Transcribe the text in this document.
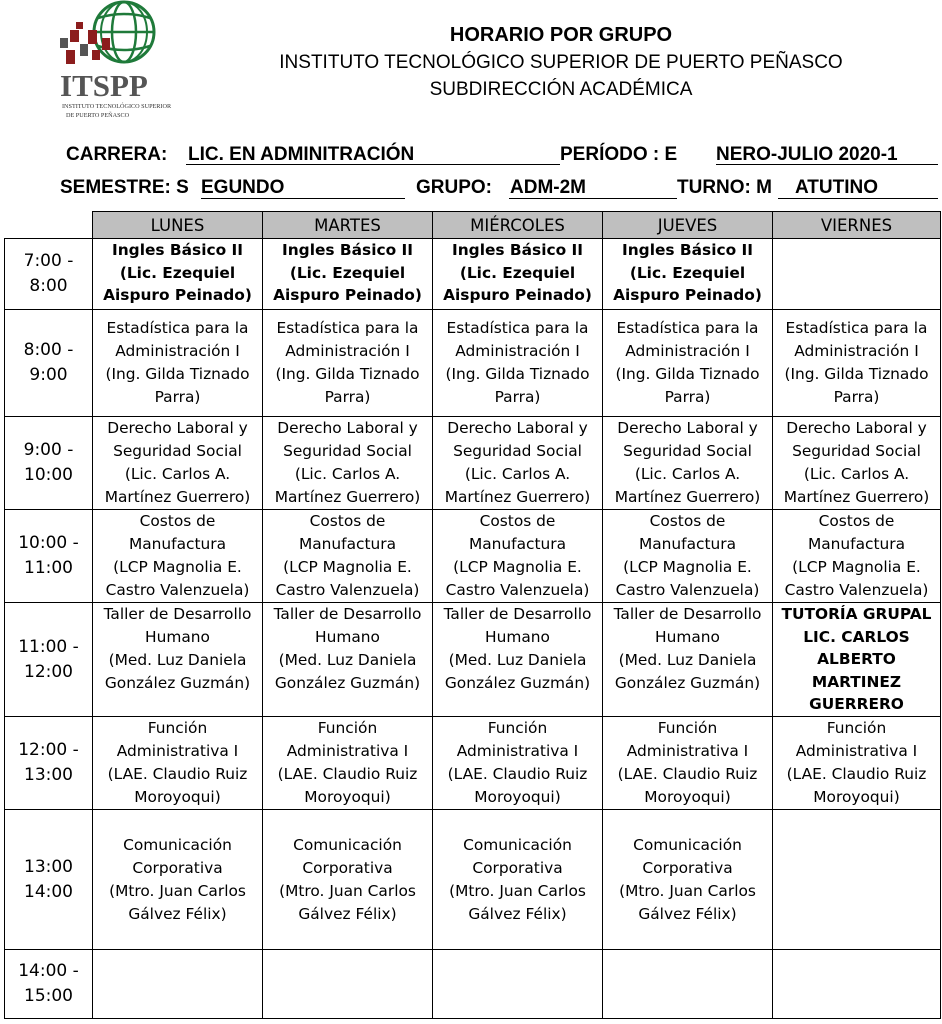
ITSPP
INSTITUTO TECNOLÓGICO SUPERIOR
DE PUERTO PEÑASCO
HORARIO POR GRUPO
INSTITUTO TECNOLÓGICO SUPERIOR DE PUERTO PEÑASCO
SUBDIRECCIÓN ACADÉMICA
CARRERA: LIC. EN ADMINITRACIÓN	PERÍODO : E NERO-JULIO 2020-1
SEMESTRE: S EGUNDO	GRUPO: ADM-2M	TURNO: M ATUTINO
	LUNES	MARTES	MIÉRCOLES	JUEVES	VIERNES

7:00 -
8:00	Ingles Básico II
(Lic. Ezequiel
Aispuro Peinado)	Ingles Básico II
(Lic. Ezequiel
Aispuro Peinado)	Ingles Básico II
(Lic. Ezequiel
Aispuro Peinado)	Ingles Básico II
(Lic. Ezequiel
Aispuro Peinado)	

8:00 -
9:00	Estadística para la
Administración I
(Ing. Gilda Tiznado
Parra)	Estadística para la
Administración I
(Ing. Gilda Tiznado
Parra)	Estadística para la
Administración I
(Ing. Gilda Tiznado
Parra)	Estadística para la
Administración I
(Ing. Gilda Tiznado
Parra)	Estadística para la
Administración I
(Ing. Gilda Tiznado
Parra)

9:00 -
10:00	Derecho Laboral y
Seguridad Social
(Lic. Carlos A.
Martínez Guerrero)	Derecho Laboral y
Seguridad Social
(Lic. Carlos A.
Martínez Guerrero)	Derecho Laboral y
Seguridad Social
(Lic. Carlos A.
Martínez Guerrero)	Derecho Laboral y
Seguridad Social
(Lic. Carlos A.
Martínez Guerrero)	Derecho Laboral y
Seguridad Social
(Lic. Carlos A.
Martínez Guerrero)

10:00 -
11:00	Costos de
Manufactura
(LCP Magnolia E.
Castro Valenzuela)	Costos de
Manufactura
(LCP Magnolia E.
Castro Valenzuela)	Costos de
Manufactura
(LCP Magnolia E.
Castro Valenzuela)	Costos de
Manufactura
(LCP Magnolia E.
Castro Valenzuela)	Costos de
Manufactura
(LCP Magnolia E.
Castro Valenzuela)

11:00 -
12:00	Taller de Desarrollo
Humano
(Med. Luz Daniela
González Guzmán)	Taller de Desarrollo
Humano
(Med. Luz Daniela
González Guzmán)	Taller de Desarrollo
Humano
(Med. Luz Daniela
González Guzmán)	Taller de Desarrollo
Humano
(Med. Luz Daniela
González Guzmán)	TUTORÍA GRUPAL
LIC. CARLOS
ALBERTO
MARTINEZ
GUERRERO

12:00 -
13:00	Función
Administrativa I
(LAE. Claudio Ruiz
Moroyoqui)	Función
Administrativa I
(LAE. Claudio Ruiz
Moroyoqui)	Función
Administrativa I
(LAE. Claudio Ruiz
Moroyoqui)	Función
Administrativa I
(LAE. Claudio Ruiz
Moroyoqui)	Función
Administrativa I
(LAE. Claudio Ruiz
Moroyoqui)

13:00
14:00	Comunicación
Corporativa
(Mtro. Juan Carlos
Gálvez Félix)	Comunicación
Corporativa
(Mtro. Juan Carlos
Gálvez Félix)	Comunicación
Corporativa
(Mtro. Juan Carlos
Gálvez Félix)	Comunicación
Corporativa
(Mtro. Juan Carlos
Gálvez Félix)	

14:00 -
15:00					
